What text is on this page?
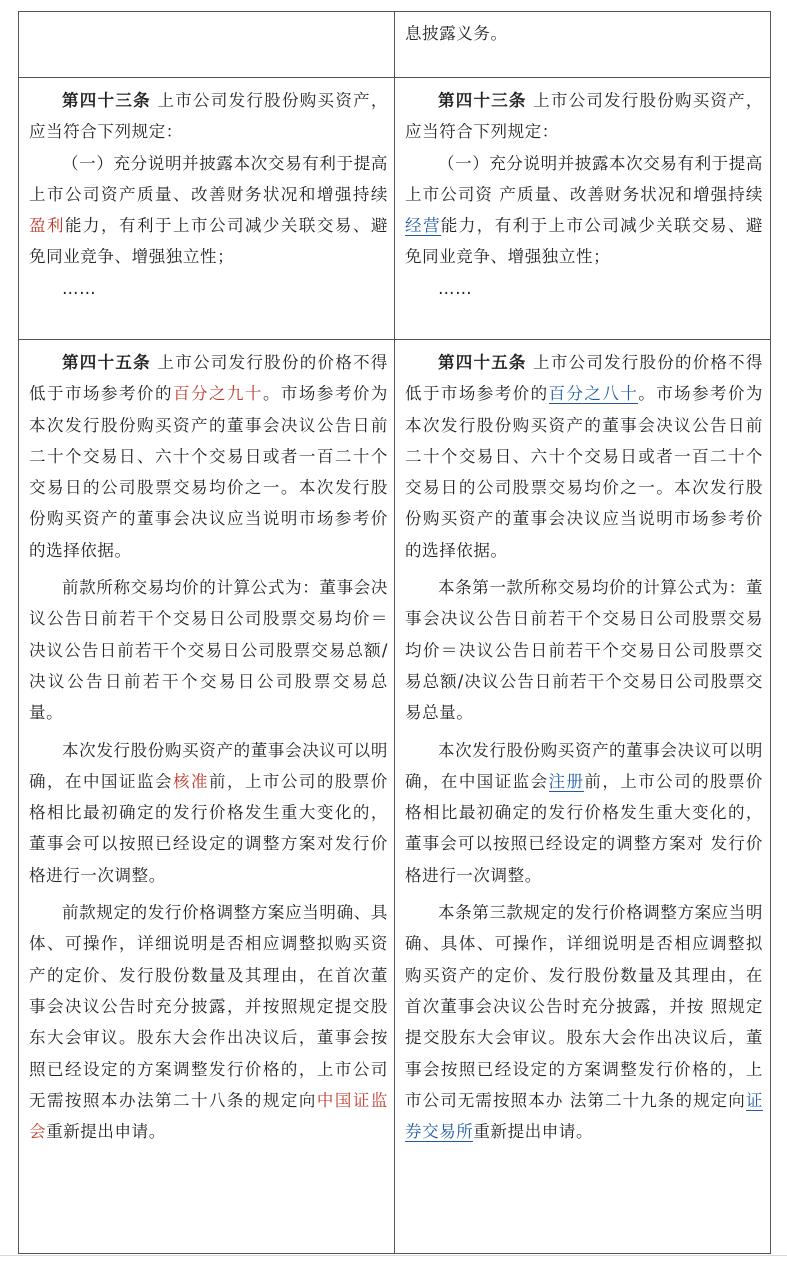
息披露义务。

第四十三条 上市公司发行股份购买资产，应当符合下列规定：

（一）充分说明并披露本次交易有利于提高上市公司资产质量、改善财务状况和增强持续盈利能力，有利于上市公司减少关联交易、避免同业竞争、增强独立性；

……

第四十三条 上市公司发行股份购买资产，应当符合下列规定：

（一）充分说明并披露本次交易有利于提高上市公司资 产质量、改善财务状况和增强持续经营能力，有利于上市公司减少关联交易、避免同业竞争、增强独立性；

……

第四十五条 上市公司发行股份的价格不得低于市场参考价的百分之九十。市场参考价为本次发行股份购买资产的董事会决议公告日前二十个交易日、六十个交易日或者一百二十个交易日的公司股票交易均价之一。本次发行股份购买资产的董事会决议应当说明市场参考价的选择依据。

前款所称交易均价的计算公式为：董事会决议公告日前若干个交易日公司股票交易均价＝决议公告日前若干个交易日公司股票交易总额/决议公告日前若干个交易日公司股票交易总量。

本次发行股份购买资产的董事会决议可以明确，在中国证监会核准前，上市公司的股票价格相比最初确定的发行价格发生重大变化的，董事会可以按照已经设定的调整方案对发行价格进行一次调整。

前款规定的发行价格调整方案应当明确、具体、可操作，详细说明是否相应调整拟购买资产的定价、发行股份数量及其理由，在首次董事会决议公告时充分披露，并按照规定提交股东大会审议。股东大会作出决议后，董事会按照已经设定的方案调整发行价格的，上市公司无需按照本办法第二十八条的规定向中国证监会重新提出申请。

第四十五条 上市公司发行股份的价格不得低于市场参考价的百分之八十。市场参考价为本次发行股份购买资产的董事会决议公告日前二十个交易日、六十个交易日或者一百二十个交易日的公司股票交易均价之一。本次发行股份购买资产的董事会决议应当说明市场参考价的选择依据。

本条第一款所称交易均价的计算公式为：董事会决议公告日前若干个交易日公司股票交易均价＝决议公告日前若干个交易日公司股票交易总额/决议公告日前若干个交易日公司股票交易总量。

本次发行股份购买资产的董事会决议可以明确，在中国证监会注册前，上市公司的股票价格相比最初确定的发行价格发生重大变化的，董事会可以按照已经设定的调整方案对 发行价格进行一次调整。

本条第三款规定的发行价格调整方案应当明确、具体、可操作，详细说明是否相应调整拟购买资产的定价、发行股份数量及其理由，在首次董事会决议公告时充分披露，并按 照规定提交股东大会审议。股东大会作出决议后，董事会按照已经设定的方案调整发行价格的，上市公司无需按照本办 法第二十九条的规定向证券交易所重新提出申请。
